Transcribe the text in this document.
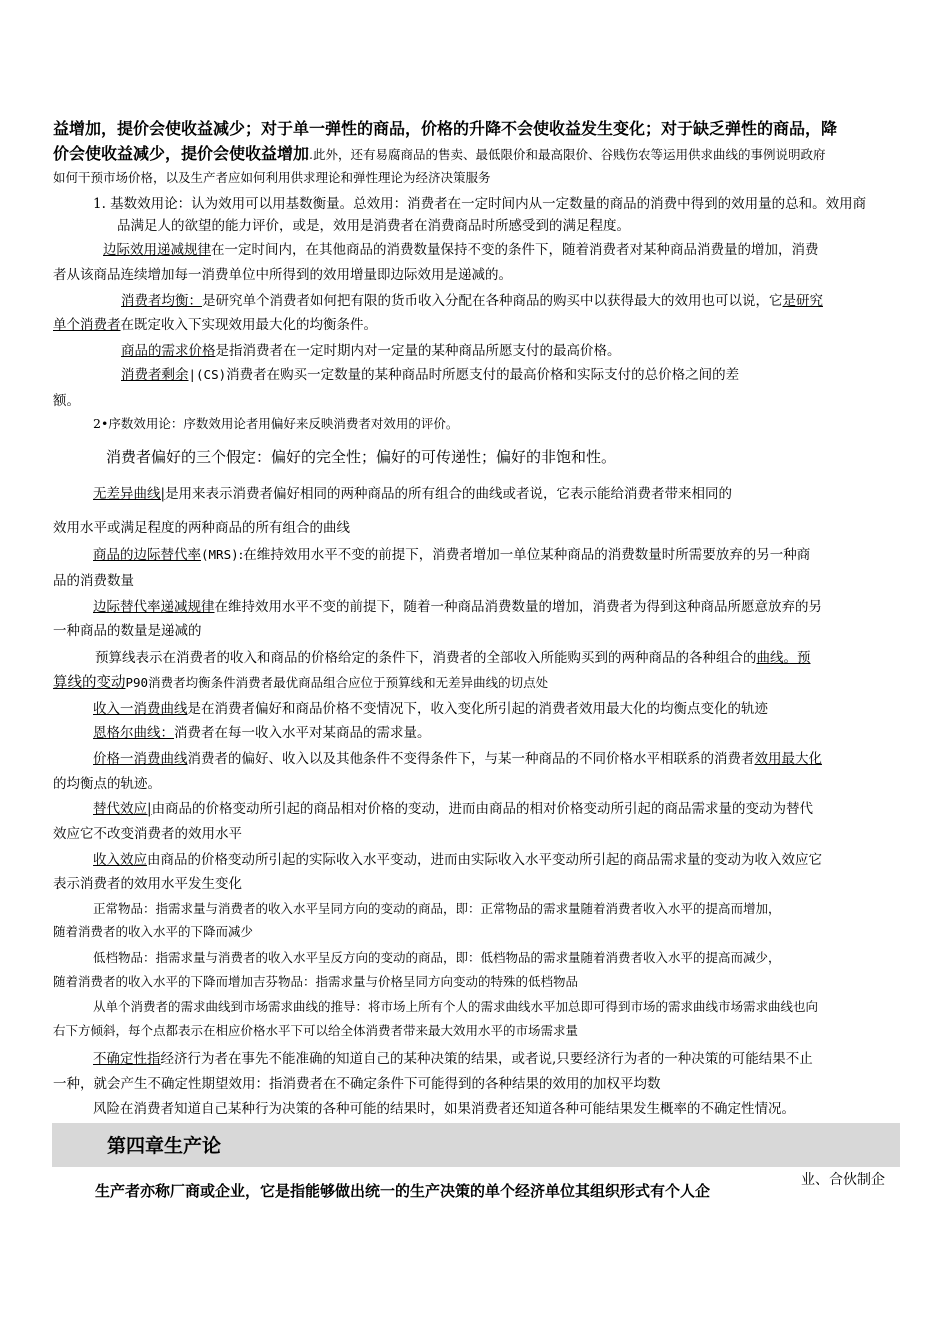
益增加，提价会使收益减少；对于单一弹性的商品，价格的升降不会使收益发生变化；对于缺乏弹性的商品，降
价会使收益减少，提价会使收益增加.此外，还有易腐商品的售卖、最低限价和最高限价、谷贱伤农等运用供求曲线的事例说明政府
如何干预市场价格，以及生产者应如何利用供求理论和弹性理论为经济决策服务
1. 基数效用论：认为效用可以用基数衡量。总效用：消费者在一定时间内从一定数量的商品的消费中得到的效用量的总和。效用商
品满足人的欲望的能力评价，或是，效用是消费者在消费商品时所感受到的满足程度。
边际效用递减规律在一定时间内，在其他商品的消费数量保持不变的条件下，随着消费者对某种商品消费量的增加，消费
者从该商品连续增加每一消费单位中所得到的效用增量即边际效用是递减的。
消费者均衡：是研究单个消费者如何把有限的货币收入分配在各种商品的购买中以获得最大的效用也可以说，它是研究
单个消费者在既定收入下实现效用最大化的均衡条件。
商品的需求价格是指消费者在一定时期内对一定量的某种商品所愿支付的最高价格。
消费者剩余|(CS)消费者在购买一定数量的某种商品时所愿支付的最高价格和实际支付的总价格之间的差
额。
2•序数效用论：序数效用论者用偏好来反映消费者对效用的评价。
消费者偏好的三个假定：偏好的完全性；偏好的可传递性；偏好的非饱和性。
无差异曲线|是用来表示消费者偏好相同的两种商品的所有组合的曲线或者说，它表示能给消费者带来相同的
效用水平或满足程度的两种商品的所有组合的曲线
商品的边际替代率(MRS):在维持效用水平不变的前提下，消费者增加一单位某种商品的消费数量时所需要放弃的另一种商
品的消费数量
边际替代率递减规律在维持效用水平不变的前提下，随着一种商品消费数量的增加，消费者为得到这种商品所愿意放弃的另
一种商品的数量是递减的
预算线表示在消费者的收入和商品的价格给定的条件下，消费者的全部收入所能购买到的两种商品的各种组合的曲线。预
算线的变动P90消费者均衡条件消费者最优商品组合应位于预算线和无差异曲线的切点处
收入一消费曲线是在消费者偏好和商品价格不变情况下，收入变化所引起的消费者效用最大化的均衡点变化的轨迹
恩格尔曲线：消费者在每一收入水平对某商品的需求量。
价格一消费曲线消费者的偏好、收入以及其他条件不变得条件下，与某一种商品的不同价格水平相联系的消费者效用最大化
的均衡点的轨迹。
替代效应|由商品的价格变动所引起的商品相对价格的变动，进而由商品的相对价格变动所引起的商品需求量的变动为替代
效应它不改变消费者的效用水平
收入效应由商品的价格变动所引起的实际收入水平变动，进而由实际收入水平变动所引起的商品需求量的变动为收入效应它
表示消费者的效用水平发生变化
正常物品：指需求量与消费者的收入水平呈同方向的变动的商品，即：正常物品的需求量随着消费者收入水平的提高而增加，
随着消费者的收入水平的下降而减少
低档物品：指需求量与消费者的收入水平呈反方向的变动的商品，即：低档物品的需求量随着消费者收入水平的提高而减少，
随着消费者的收入水平的下降而增加吉芬物品：指需求量与价格呈同方向变动的特殊的低档物品
从单个消费者的需求曲线到市场需求曲线的推导：将市场上所有个人的需求曲线水平加总即可得到市场的需求曲线市场需求曲线也向
右下方倾斜，每个点都表示在相应价格水平下可以给全体消费者带来最大效用水平的市场需求量
不确定性指经济行为者在事先不能准确的知道自己的某种决策的结果，或者说,只要经济行为者的一种决策的可能结果不止
一种，就会产生不确定性期望效用：指消费者在不确定条件下可能得到的各种结果的效用的加权平均数
风险在消费者知道自己某种行为决策的各种可能的结果时，如果消费者还知道各种可能结果发生概率的不确定性情况。
第四章生产论
生产者亦称厂商或企业，它是指能够做出统一的生产决策的单个经济单位其组织形式有个人企
业、合伙制企
